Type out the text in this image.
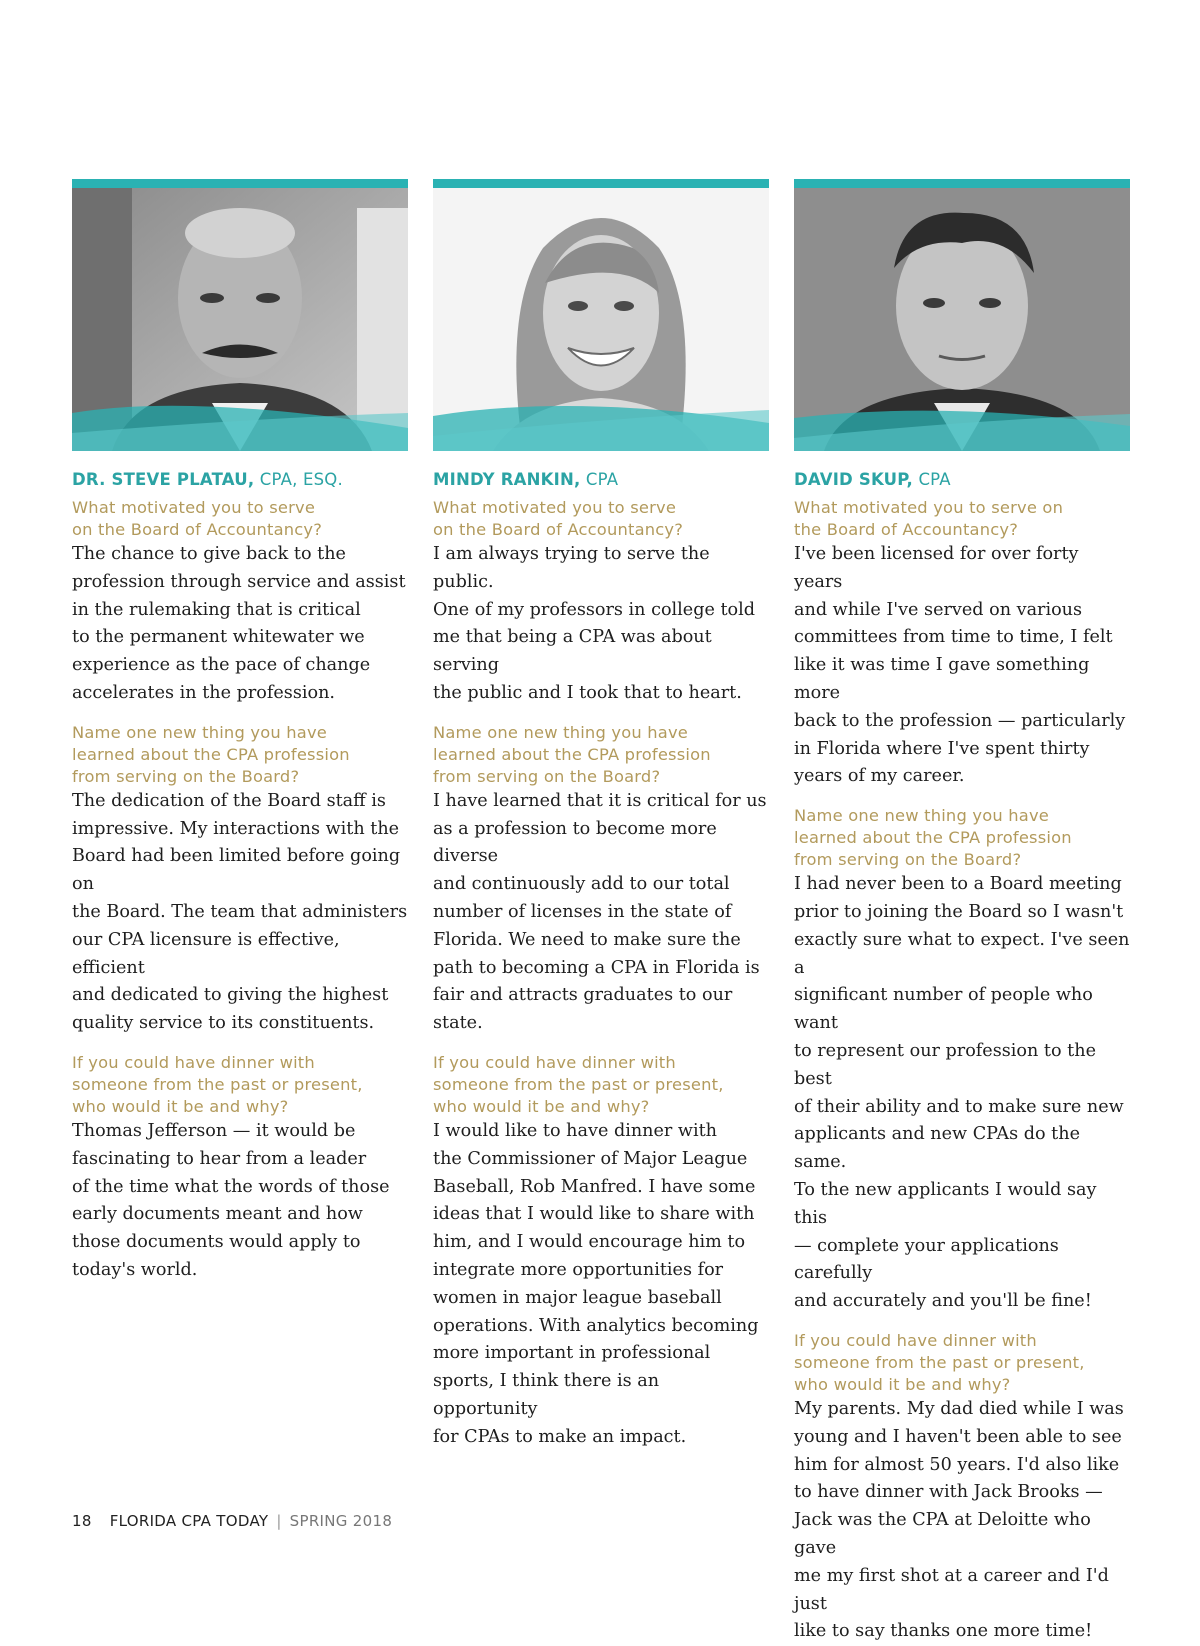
DR. STEVE PLATAU, CPA, ESQ.
What motivated you to serve
on the Board of Accountancy?
The chance to give back to the
profession through service and assist
in the rulemaking that is critical
to the permanent whitewater we
experience as the pace of change
accelerates in the profession.
Name one new thing you have
learned about the CPA profession
from serving on the Board?
The dedication of the Board staff is
impressive. My interactions with the
Board had been limited before going on
the Board. The team that administers
our CPA licensure is effective, efficient
and dedicated to giving the highest
quality service to its constituents.
If you could have dinner with
someone from the past or present,
who would it be and why?
Thomas Jefferson — it would be
fascinating to hear from a leader
of the time what the words of those
early documents meant and how
those documents would apply to
today's world.
MINDY RANKIN, CPA
What motivated you to serve
on the Board of Accountancy?
I am always trying to serve the public.
One of my professors in college told
me that being a CPA was about serving
the public and I took that to heart.
Name one new thing you have
learned about the CPA profession
from serving on the Board?
I have learned that it is critical for us
as a profession to become more diverse
and continuously add to our total
number of licenses in the state of
Florida. We need to make sure the
path to becoming a CPA in Florida is
fair and attracts graduates to our state.
If you could have dinner with
someone from the past or present,
who would it be and why?
I would like to have dinner with
the Commissioner of Major League
Baseball, Rob Manfred. I have some
ideas that I would like to share with
him, and I would encourage him to
integrate more opportunities for
women in major league baseball
operations. With analytics becoming
more important in professional
sports, I think there is an opportunity
for CPAs to make an impact.
DAVID SKUP, CPA
What motivated you to serve on
the Board of Accountancy?
I've been licensed for over forty years
and while I've served on various
committees from time to time, I felt
like it was time I gave something more
back to the profession — particularly
in Florida where I've spent thirty
years of my career.
Name one new thing you have
learned about the CPA profession
from serving on the Board?
I had never been to a Board meeting
prior to joining the Board so I wasn't
exactly sure what to expect. I've seen a
significant number of people who want
to represent our profession to the best
of their ability and to make sure new
applicants and new CPAs do the same.
To the new applicants I would say this
— complete your applications carefully
and accurately and you'll be fine!
If you could have dinner with
someone from the past or present,
who would it be and why?
My parents. My dad died while I was
young and I haven't been able to see
him for almost 50 years. I'd also like
to have dinner with Jack Brooks —
Jack was the CPA at Deloitte who gave
me my first shot at a career and I'd just
like to say thanks one more time!
18 FLORIDA CPA TODAY | SPRING 2018
